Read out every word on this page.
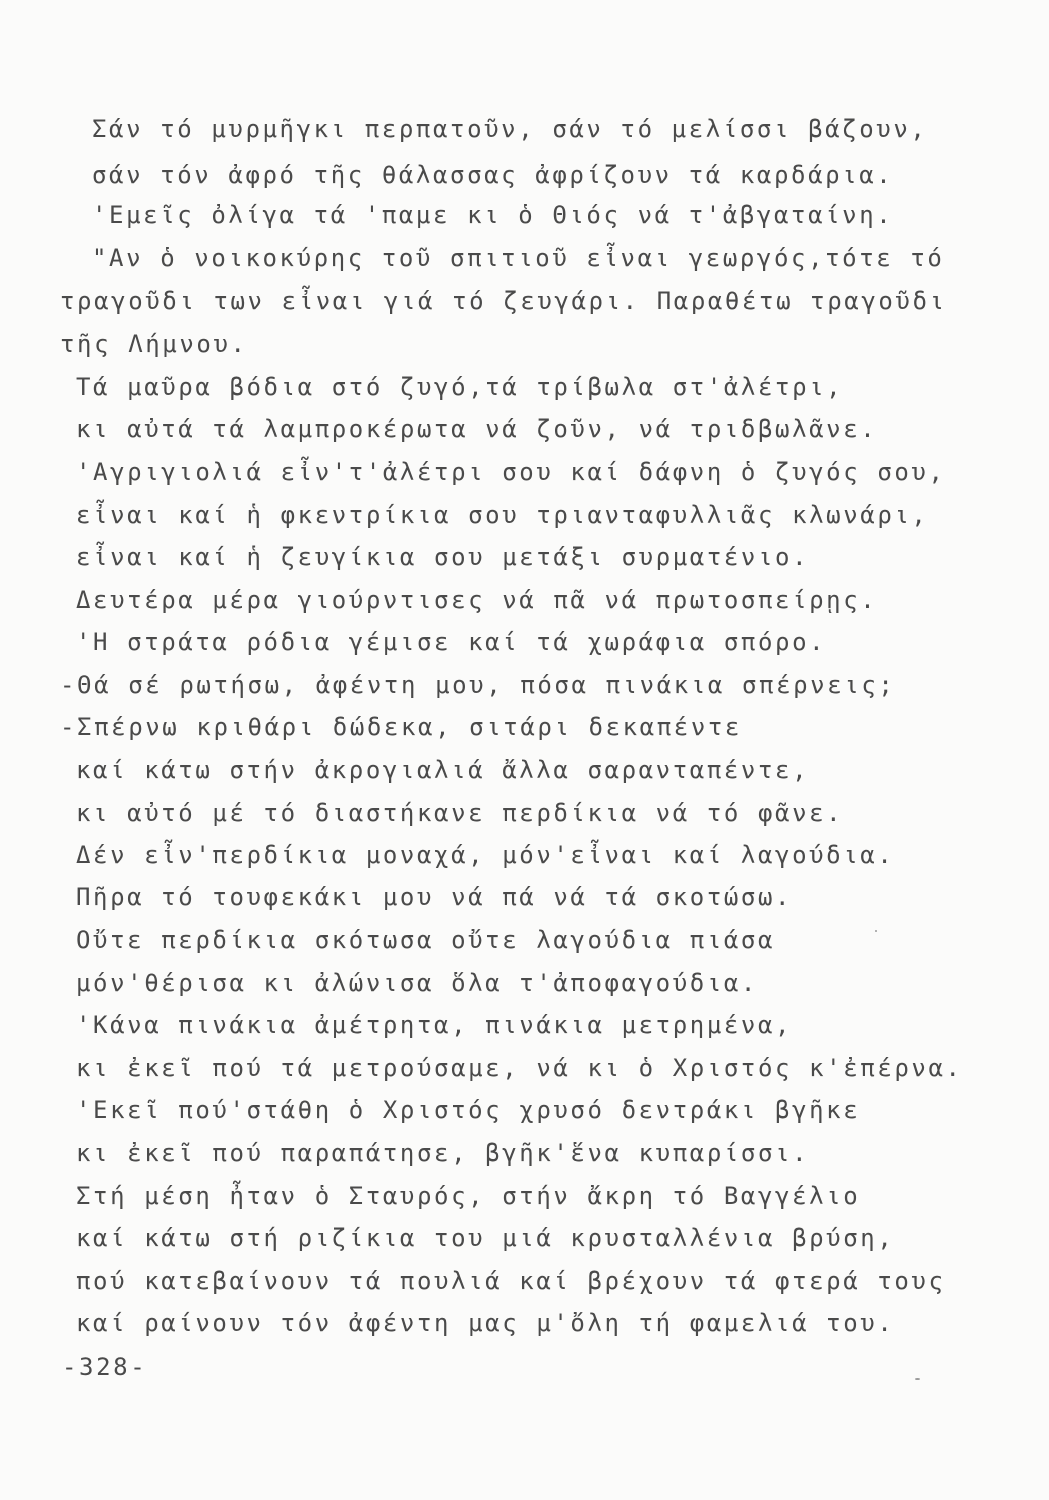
Σάν τό μυρμῆγκι περπατοῦν, σάν τό μελίσσι βάζουν,
σάν τόν ἀφρό τῆς θάλασσας ἀφρίζουν τά καρδάρια.
'Εμεῖς ὀλίγα τά 'παμε κι ὁ Θιός νά τ'ἀβγαταίνη.
"Αν ὁ νοικοκύρης τοῦ σπιτιοῦ εἶναι γεωργός,τότε τό
τραγοῦδι των εἶναι γιά τό ζευγάρι. Παραθέτω τραγοῦδι
τῆς Λήμνου.
Τά μαῦρα βόδια στό ζυγό,τά τρίβωλα στ'ἀλέτρι,
κι αὐτά τά λαμπροκέρωτα νά ζοῦν, νά τριδβωλᾶνε.
'Αγριγιολιά εἶν'τ'ἀλέτρι σου καί δάφνη ὁ ζυγός σου,
εἶναι καί ἡ φκεντρίκια σου τριανταφυλλιᾶς κλωνάρι,
εἶναι καί ἡ ζευγίκια σου μετάξι συρματένιο.
Δευτέρα μέρα γιούρντισες νά πᾶ νά πρωτοσπείρῃς.
'Η στράτα ρόδια γέμισε καί τά χωράφια σπόρο.
-Θά σέ ρωτήσω, ἀφέντη μου, πόσα πινάκια σπέρνεις;
-Σπέρνω κριθάρι δώδεκα, σιτάρι δεκαπέντε
καί κάτω στήν ἀκρογιαλιά ἄλλα σαρανταπέντε,
κι αὐτό μέ τό διαστήκανε περδίκια νά τό φᾶνε.
Δέν εἶν'περδίκια μοναχά, μόν'εἶναι καί λαγούδια.
Πῆρα τό τουφεκάκι μου νά πά νά τά σκοτώσω.
Οὔτε περδίκια σκότωσα οὔτε λαγούδια πιάσα
μόν'θέρισα κι ἀλώνισα ὅλα τ'ἀποφαγούδια.
'Κάνα πινάκια ἀμέτρητα, πινάκια μετρημένα,
κι ἐκεῖ πού τά μετρούσαμε, νά κι ὁ Χριστός κ'ἐπέρνα.
'Εκεῖ πού'στάθη ὁ Χριστός χρυσό δεντράκι βγῆκε
κι ἐκεῖ πού παραπάτησε, βγῆκ'ἕνα κυπαρίσσι.
Στή μέση ἦταν ὁ Σταυρός, στήν ἄκρη τό Βαγγέλιο
καί κάτω στή ριζίκια του μιά κρυσταλλένια βρύση,
πού κατεβαίνουν τά πουλιά καί βρέχουν τά φτερά τους
καί ραίνουν τόν ἀφέντη μας μ'ὄλη τή φαμελιά του.
-328-
